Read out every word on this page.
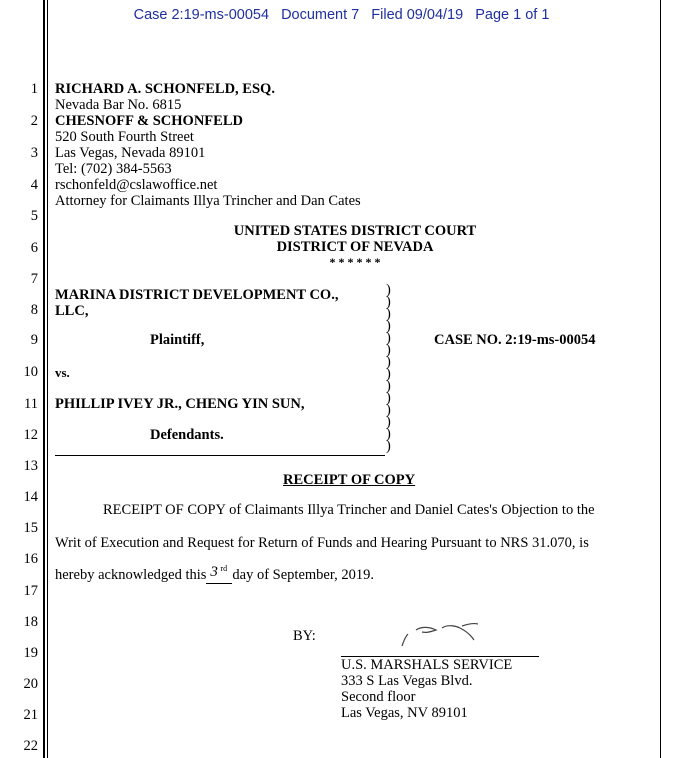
Case 2:19-ms-00054 Document 7 Filed 09/04/19 Page 1 of 1
1
2
3
4
5
6
7
8
9
10
11
12
13
14
15
16
17
18
19
20
21
22
RICHARD A. SCHONFELD, ESQ.
Nevada Bar No. 6815
CHESNOFF & SCHONFELD
520 South Fourth Street
Las Vegas, Nevada 89101
Tel: (702) 384-5563
rschonfeld@cslawoffice.net
Attorney for Claimants Illya Trincher and Dan Cates
UNITED STATES DISTRICT COURT
DISTRICT OF NEVADA
* * * * * *
MARINA DISTRICT DEVELOPMENT CO.,
LLC,
Plaintiff,
vs.
PHILLIP IVEY JR., CHENG YIN SUN,
Defendants.
CASE NO. 2:19-ms-00054
)
)
)
)
)
)
)
)
)
)
)
)
)
)
RECEIPT OF COPY
RECEIPT OF COPY of Claimants Illya Trincher and Daniel Cates's Objection to the
Writ of Execution and Request for Return of Funds and Hearing Pursuant to NRS 31.070, is
hereby acknowledged this 3 rd day of September, 2019.
BY:
U.S. MARSHALS SERVICE
333 S Las Vegas Blvd.
Second floor
Las Vegas, NV 89101
